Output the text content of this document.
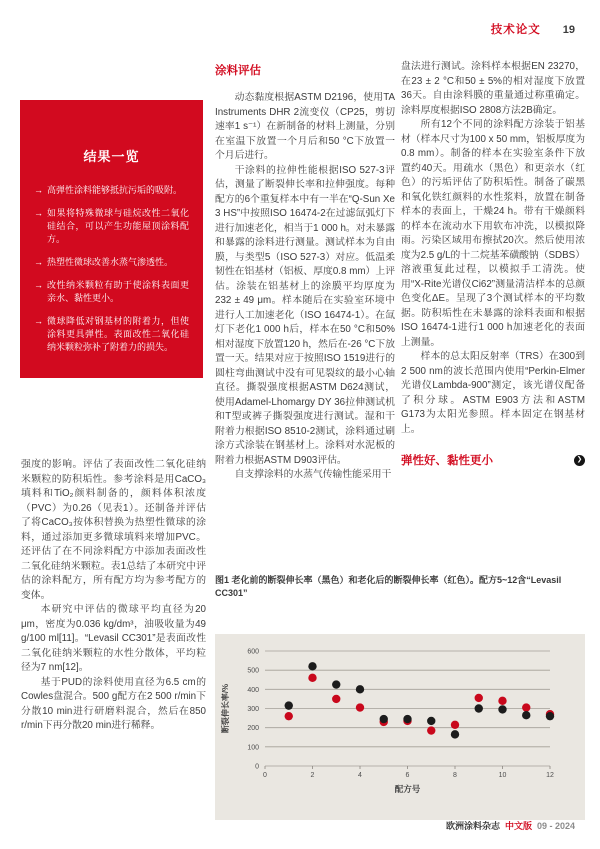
技术论文 19
结果一览
→ 高弹性涂料能够抵抗污垢的吸附。
→ 如果将特殊微球与硅烷改性二氧化硅结合，可以产生功能屋顶涂料配方。
→ 热塑性微球改善水蒸气渗透性。
→ 改性纳米颗粒有助于使涂料表面更亲水、黏性更小。
→ 微球降低对钢基材的附着力，但使涂料更具弹性。表面改性二氧化硅纳米颗粒弥补了附着力的损失。

强度的影响。评估了表面改性二氧化硅纳米颗粒的防积垢性。参考涂料是用CaCO₃填料和TiO₂颜料制备的，颜料体积浓度（PVC）为0.26（见表1）。还制备并评估了将CaCO₃按体积替换为热塑性微球的涂料，通过添加更多微球填料来增加PVC。还评估了在不同涂料配方中添加表面改性二氧化硅纳米颗粒。表1总结了本研究中评估的涂料配方，所有配方均为参考配方的变体。

本研究中评估的微球平均直径为20 μm，密度为0.036 kg/dm³，油吸收量为49 g/100 ml[11]。“Levasil CC301”是表面改性二氧化硅纳米颗粒的水性分散体，平均粒径为7 nm[12]。

基于PUD的涂料使用直径为6.5 cm的Cowles盘混合。500 g配方在2 500 r/min下分散10 min进行研磨料混合，然后在850 r/min下再分散20 min进行稀释。

涂料评估

动态黏度根据ASTM D2196，使用TA Instruments DHR 2流变仪（CP25，剪切速率1 s⁻¹）在新制备的材料上测量，分别在室温下放置一个月后和50 °C下放置一个月后进行。

干涂料的拉伸性能根据ISO 527-3评估，测量了断裂伸长率和拉伸强度。每种配方的6个重复样本中有一半在“Q-Sun Xe 3 HS”中按照ISO 16474-2在过滤氙弧灯下进行加速老化，相当于1 000 h。对未暴露和暴露的涂料进行测量。测试样本为自由膜，与类型5（ISO 527-3）对应。低温柔韧性在铝基材（铝板、厚度0.8 mm）上评估。涂装在铝基材上的涂膜平均厚度为232 ± 49 μm。样本随后在实验室环境中进行人工加速老化（ISO 16474-1）。在氙灯下老化1 000 h后，样本在50 °C和50%相对湿度下放置120 h，然后在-26 °C下放置一天。结果对应于按照ISO 1519进行的圆柱弯曲测试中没有可见裂纹的最小心轴直径。撕裂强度根据ASTM D624测试，使用Adamel-Lhomargy DY 36拉伸测试机和T型或裤子撕裂强度进行测试。湿和干附着力根据ISO 8510-2测试，涂料通过刷涂方式涂装在钢基材上。涂料对水泥板的附着力根据ASTM D903评估。

自支撑涂料的水蒸气传输性能采用干

盘法进行测试。涂料样本根据EN 23270，在23 ± 2 °C和50 ± 5%的相对湿度下放置36天。自由涂料膜的重量通过称重确定。涂料厚度根据ISO 2808方法2B确定。

所有12个不同的涂料配方涂装于铝基材（样本尺寸为100 x 50 mm，铝板厚度为0.8 mm）。制备的样本在实验室条件下放置约40天。用疏水（黑色）和更亲水（红色）的污垢评估了防积垢性。制备了碳黑和氧化铁红颜料的水性浆料，放置在制备样本的表面上，干燥24 h。带有干燥颜料的样本在流动水下用软布冲洗，以模拟降雨。污染区域用布擦拭20次。然后使用浓度为2.5 g/L的十二烷基苯磺酸钠（SDBS）溶液重复此过程，以模拟手工清洗。使用“X-Rite光谱仪Ci62”测量清洁样本的总颜色变化ΔE。呈现了3个测试样本的平均数据。防积垢性在未暴露的涂料表面和根据ISO 16474-1进行1 000 h加速老化的表面上测量。

样本的总太阳反射率（TRS）在300到2 500 nm的波长范围内使用“Perkin-Elmer光谱仪Lambda-900”测定，该光谱仪配备了积分球。ASTM E903方法和ASTM G173为太阳光参照。样本固定在钢基材上。

弹性好、黏性更小	❯
图1 老化前的断裂伸长率（黑色）和老化后的断裂伸长率（红色）。配方5~12含“Levasil CC301”
0
100
200
300
400
500
600
0	2	4	6	8	10	12
配方号
断裂伸长率/%
欧洲涂料杂志 中文版 09 - 2024
